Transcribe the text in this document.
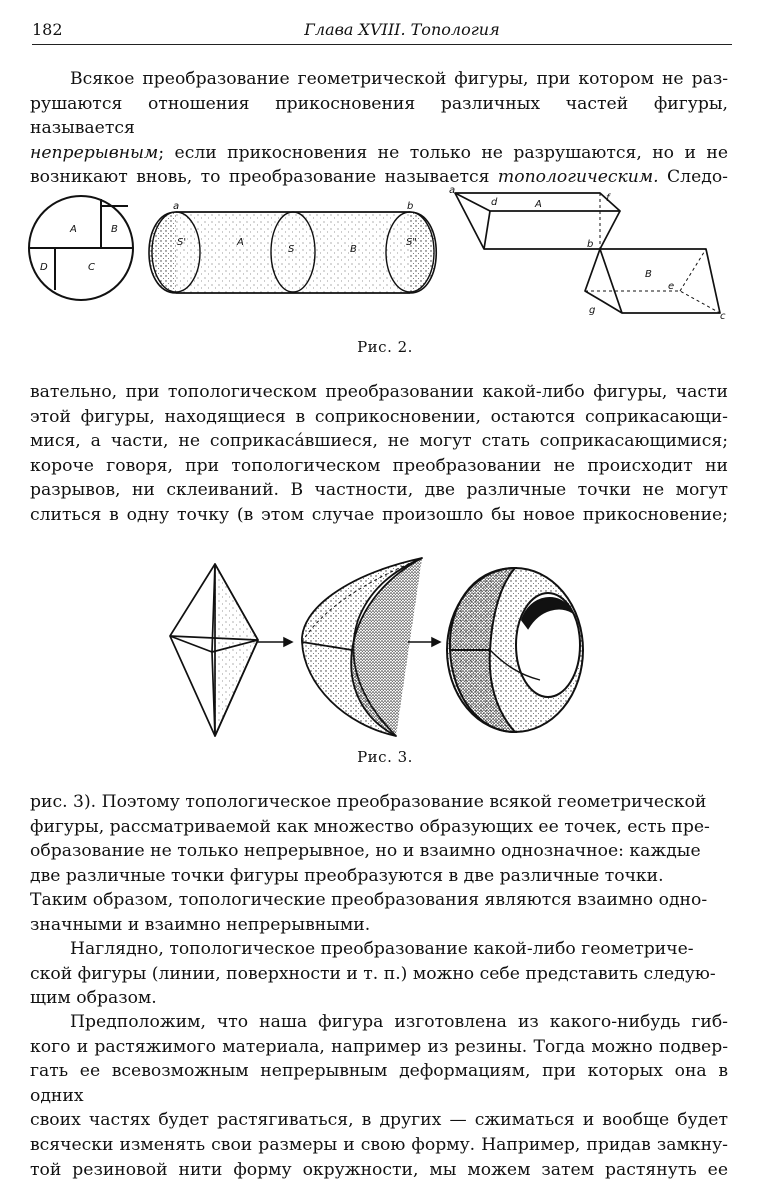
182	Глава XVIII. Топология

Всякое преобразование геометрической фигуры, при котором не раз-
рушаются отношения прикосновения различных частей фигуры, называется
непрерывным; если прикосновения не только не разрушаются, но и не
возникают вновь, то преобразование называется топологическим. Следо-

A	B
D	C
a	b
S'	A
S	B
S"
a
d	A
f
b
B
e
g
c
Рис. 2.

вательно, при топологическом преобразовании какой-либо фигуры, части
этой фигуры, находящиеся в соприкосновении, остаются соприкасающи-
мися, а части, не соприкаса́вшиеся, не могут стать соприкасающимися;
короче говоря, при топологическом преобразовании не происходит ни
разрывов, ни склеиваний. В частности, две различные точки не могут
слиться в одну точку (в этом случае произошло бы новое прикосновение;

Рис. 3.

рис. 3). Поэтому топологическое преобразование всякой геометрической
фигуры, рассматриваемой как множество образующих ее точек, есть пре-
образование не только непрерывное, но и взаимно однозначное: каждые
две различные точки фигуры преобразуются в две различные точки.
Таким образом, топологические преобразования являются взаимно одно-
значными и взаимно непрерывными.

Наглядно, топологическое преобразование какой-либо геометриче-
ской фигуры (линии, поверхности и т. п.) можно себе представить следую-
щим образом.

Предположим, что наша фигура изготовлена из какого-нибудь гиб-
кого и растяжимого материала, например из резины. Тогда можно подвер-
гать ее всевозможным непрерывным деформациям, при которых она в одних
своих частях будет растягиваться, в других — сжиматься и вообще будет
всячески изменять свои размеры и свою форму. Например, придав замкну-
той резиновой нити форму окружности, мы можем затем растянуть ее
